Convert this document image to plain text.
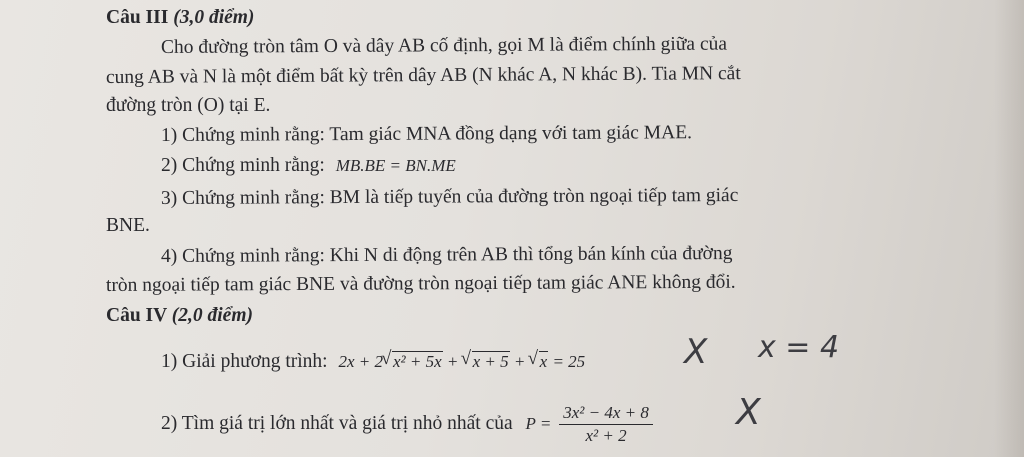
Câu III (3,0 điểm)
Cho đường tròn tâm O và dây AB cố định, gọi M là điểm chính giữa của
cung AB và N là một điểm bất kỳ trên dây AB (N khác A, N khác B). Tia MN cắt
đường tròn (O) tại E.
1) Chứng minh rằng: Tam giác MNA đồng dạng với tam giác MAE.
2) Chứng minh rằng: MB.BE = BN.ME
3) Chứng minh rằng: BM là tiếp tuyến của đường tròn ngoại tiếp tam giác
BNE.
4) Chứng minh rằng: Khi N di động trên AB thì tổng bán kính của đường
tròn ngoại tiếp tam giác BNE và đường tròn ngoại tiếp tam giác ANE không đổi.
Câu IV (2,0 điểm)
1) Giải phương trình: 2x + 2√ x² + 5x + √ x + 5 + √ x = 25
2) Tìm giá trị lớn nhất và giá trị nhỏ nhất của $P = \frac{\text{3x² − 4x + 8}}{\text{x² + 2}}$
X x = 4
X
